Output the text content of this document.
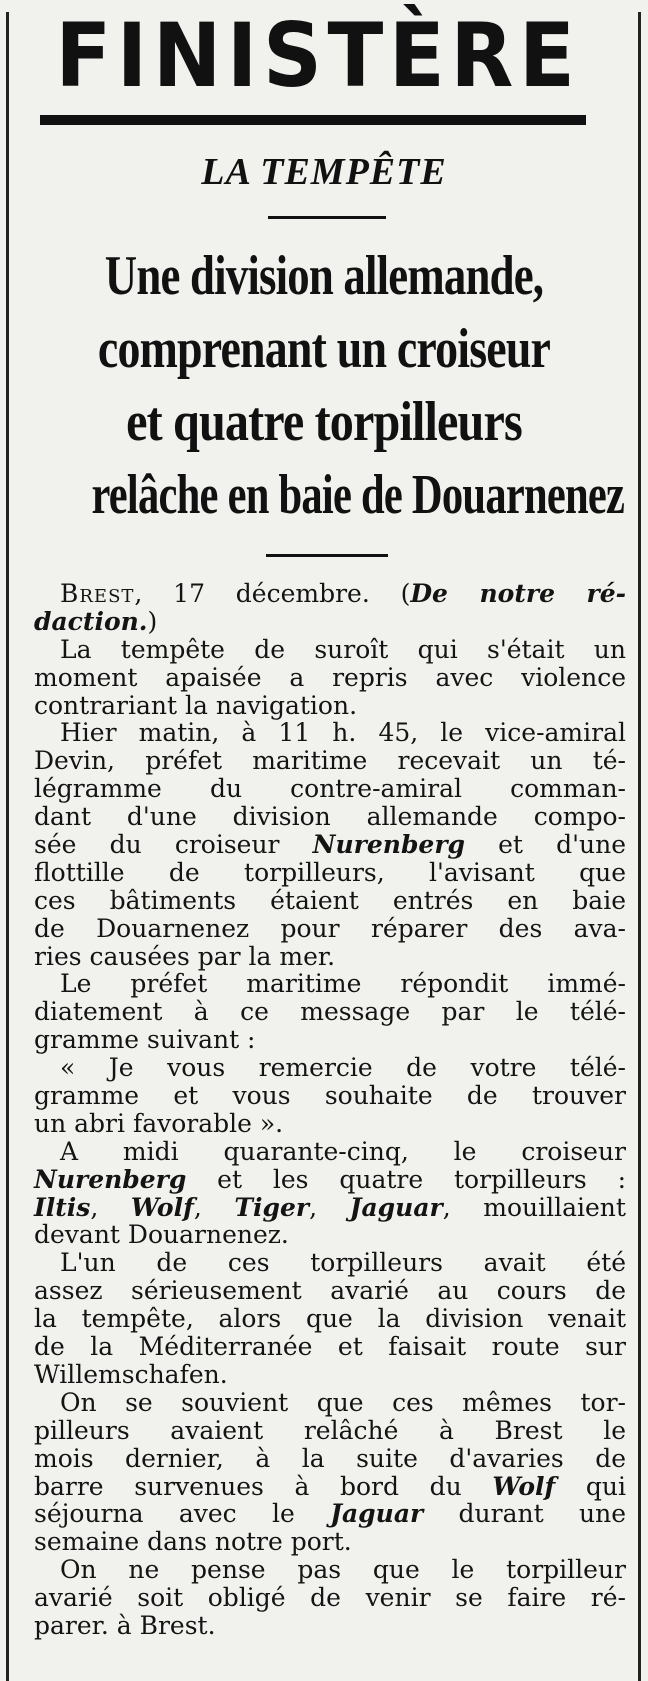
FINISTÈRE
LA TEMPÊTE
Une division allemande,
comprenant un croiseur
et quatre torpilleurs
relâche en baie de Douarnenez
Brest, 17 décembre. (De notre ré-
daction.)
La tempête de suroît qui s'était un
moment apaisée a repris avec violence
contrariant la navigation.
Hier matin, à 11 h. 45, le vice-amiral
Devin, préfet maritime recevait un té-
légramme du contre-amiral comman-
dant d'une division allemande compo-
sée du croiseur Nurenberg et d'une
flottille de torpilleurs, l'avisant que
ces bâtiments étaient entrés en baie
de Douarnenez pour réparer des ava-
ries causées par la mer.
Le préfet maritime répondit immé-
diatement à ce message par le télé-
gramme suivant :
« Je vous remercie de votre télé-
gramme et vous souhaite de trouver
un abri favorable ».
A midi quarante-cinq, le croiseur
Nurenberg et les quatre torpilleurs :
Iltis, Wolf, Tiger, Jaguar, mouillaient
devant Douarnenez.
L'un de ces torpilleurs avait été
assez sérieusement avarié au cours de
la tempête, alors que la division venait
de la Méditerranée et faisait route sur
Willemschafen.
On se souvient que ces mêmes tor-
pilleurs avaient relâché à Brest le
mois dernier, à la suite d'avaries de
barre survenues à bord du Wolf qui
séjourna avec le Jaguar durant une
semaine dans notre port.
On ne pense pas que le torpilleur
avarié soit obligé de venir se faire ré-
parer. à Brest.
